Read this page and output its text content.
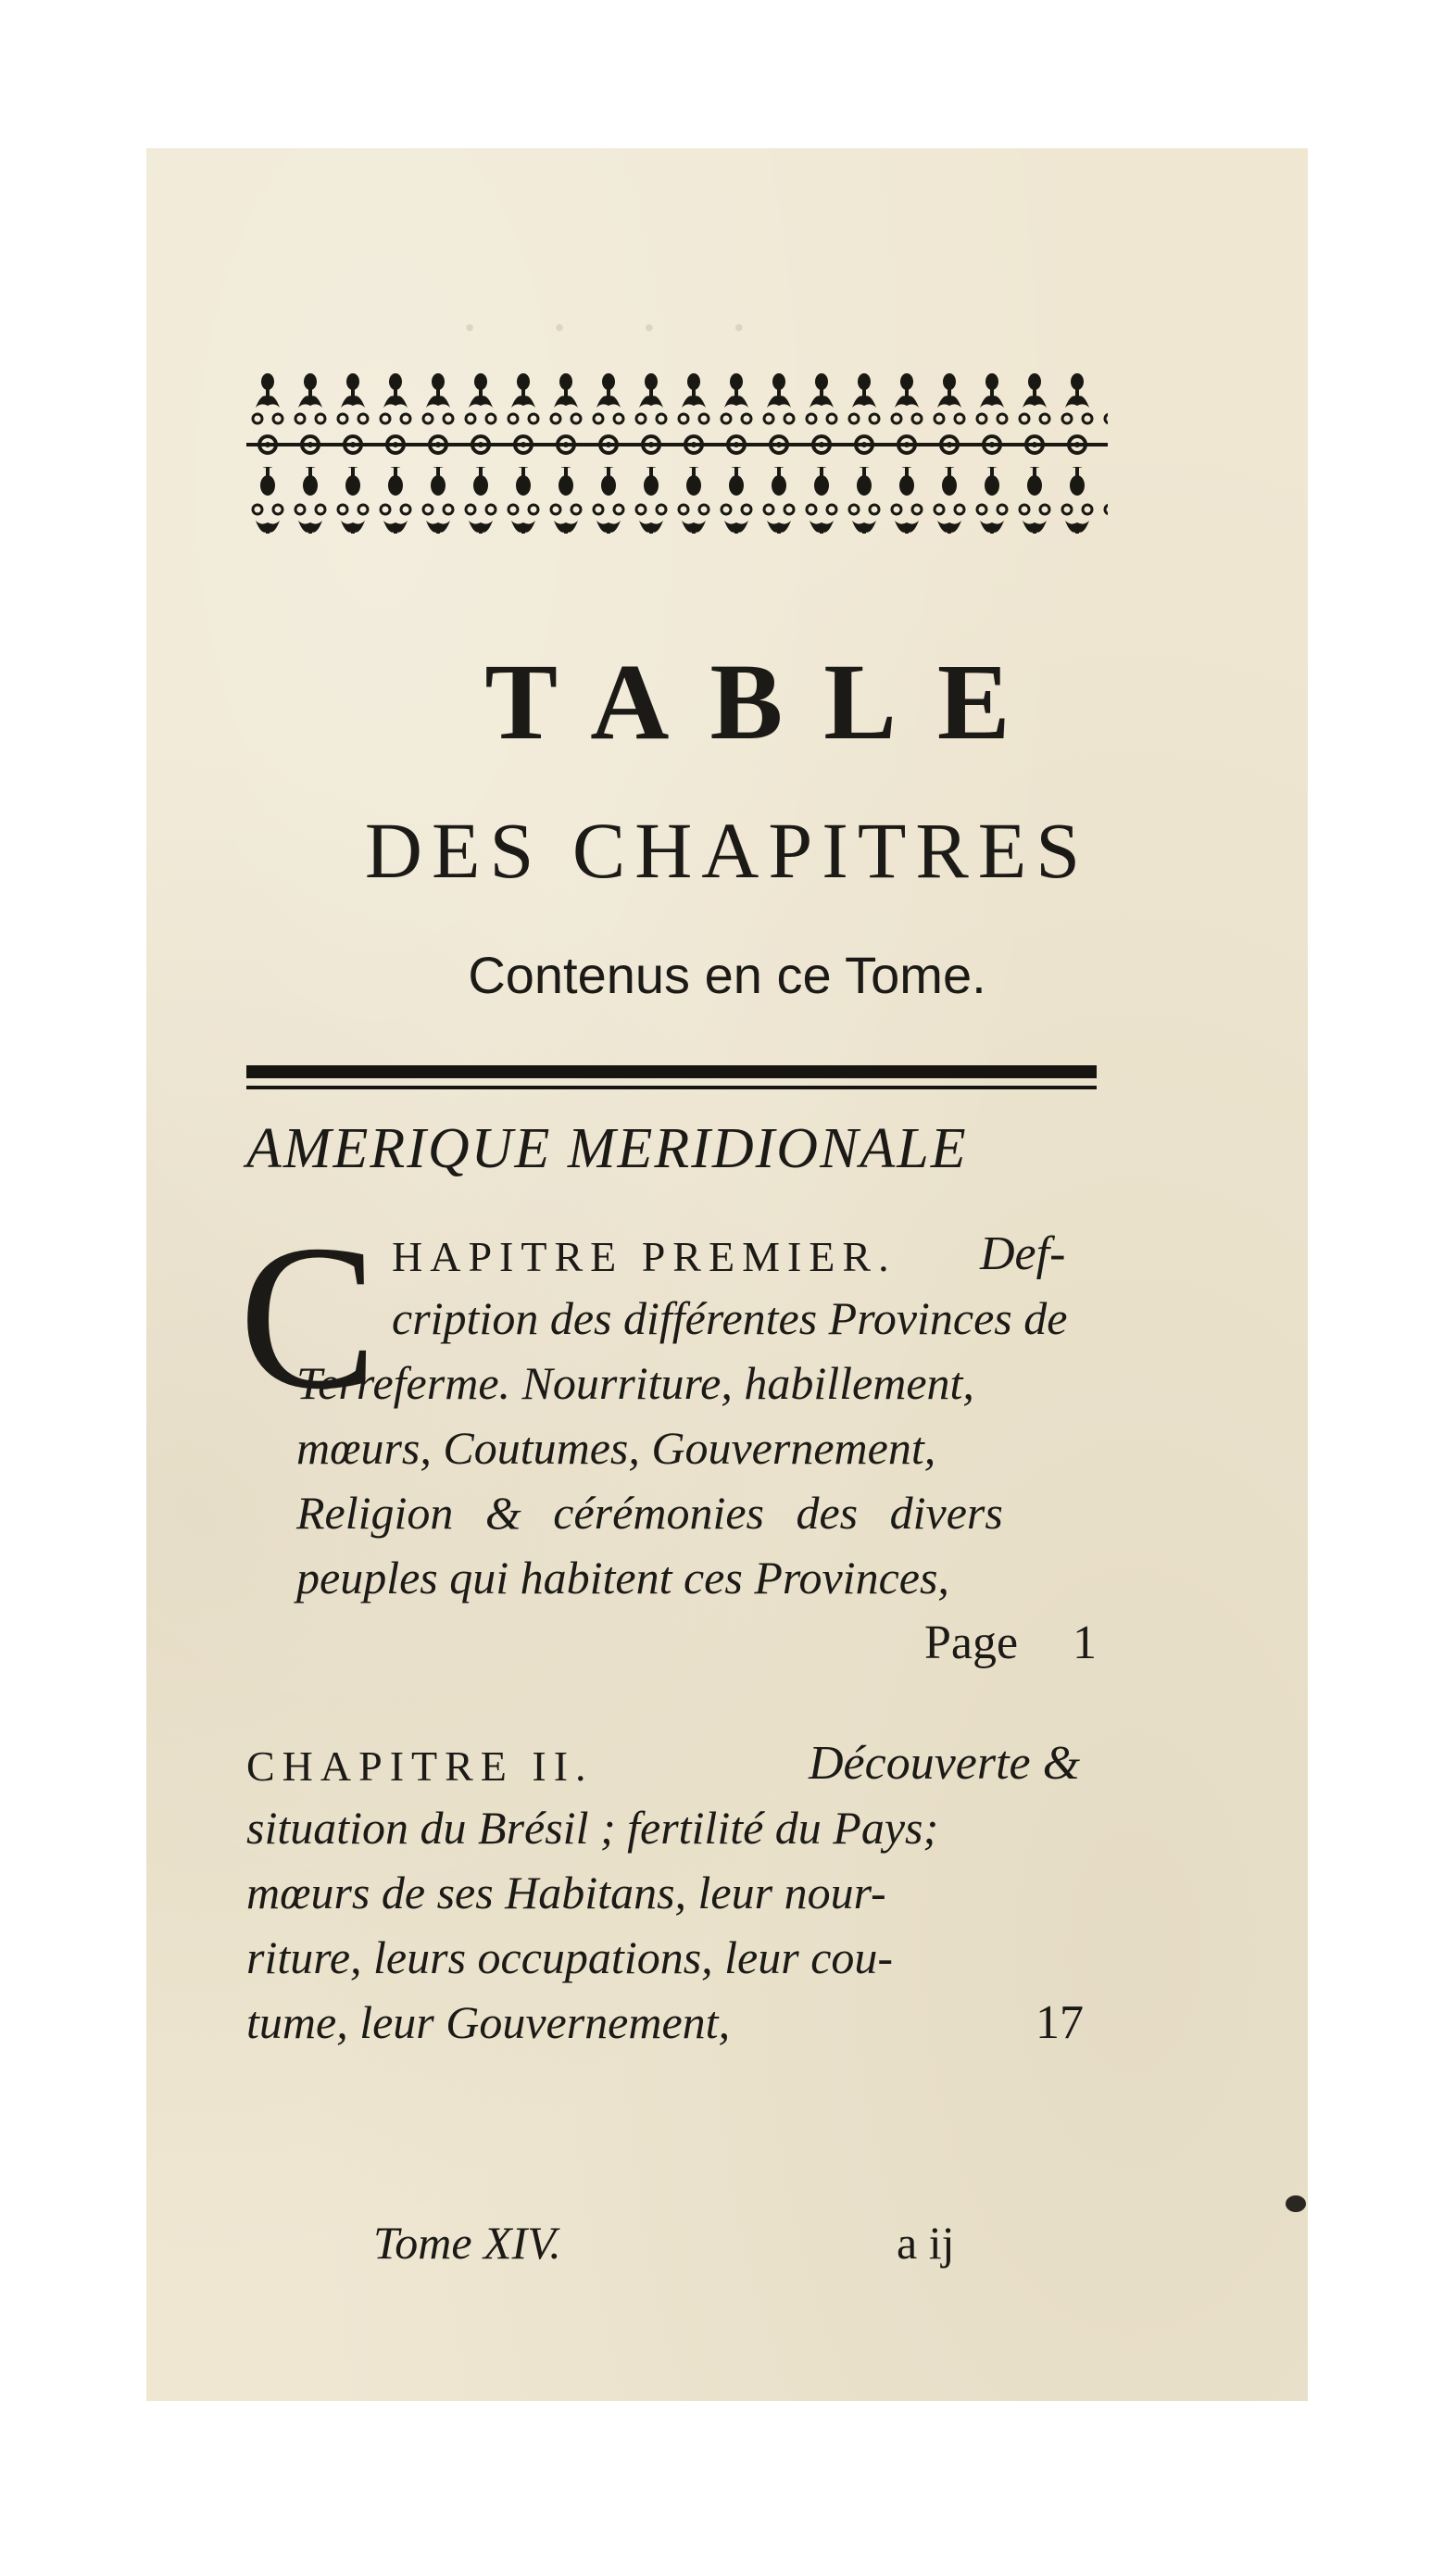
· · · ·
TABLE
DES CHAPITRES
Contenus en ce Tome.
AMERIQUE MERIDIONALE
C HAPITRE PREMIER. Def-
cription des différentes Provinces de
Terreferme. Nourriture, habillement,
mœurs, Coutumes, Gouvernement,
Religion & cérémonies des divers
peuples qui habitent ces Provinces,
Page 1
CHAPITRE II.	Découverte &
situation du Brésil ; fertilité du Pays;
mœurs de ses Habitans, leur nour-
riture, leurs occupations, leur cou-
tume, leur Gouvernement,	17
Tome XIV.	a ij
